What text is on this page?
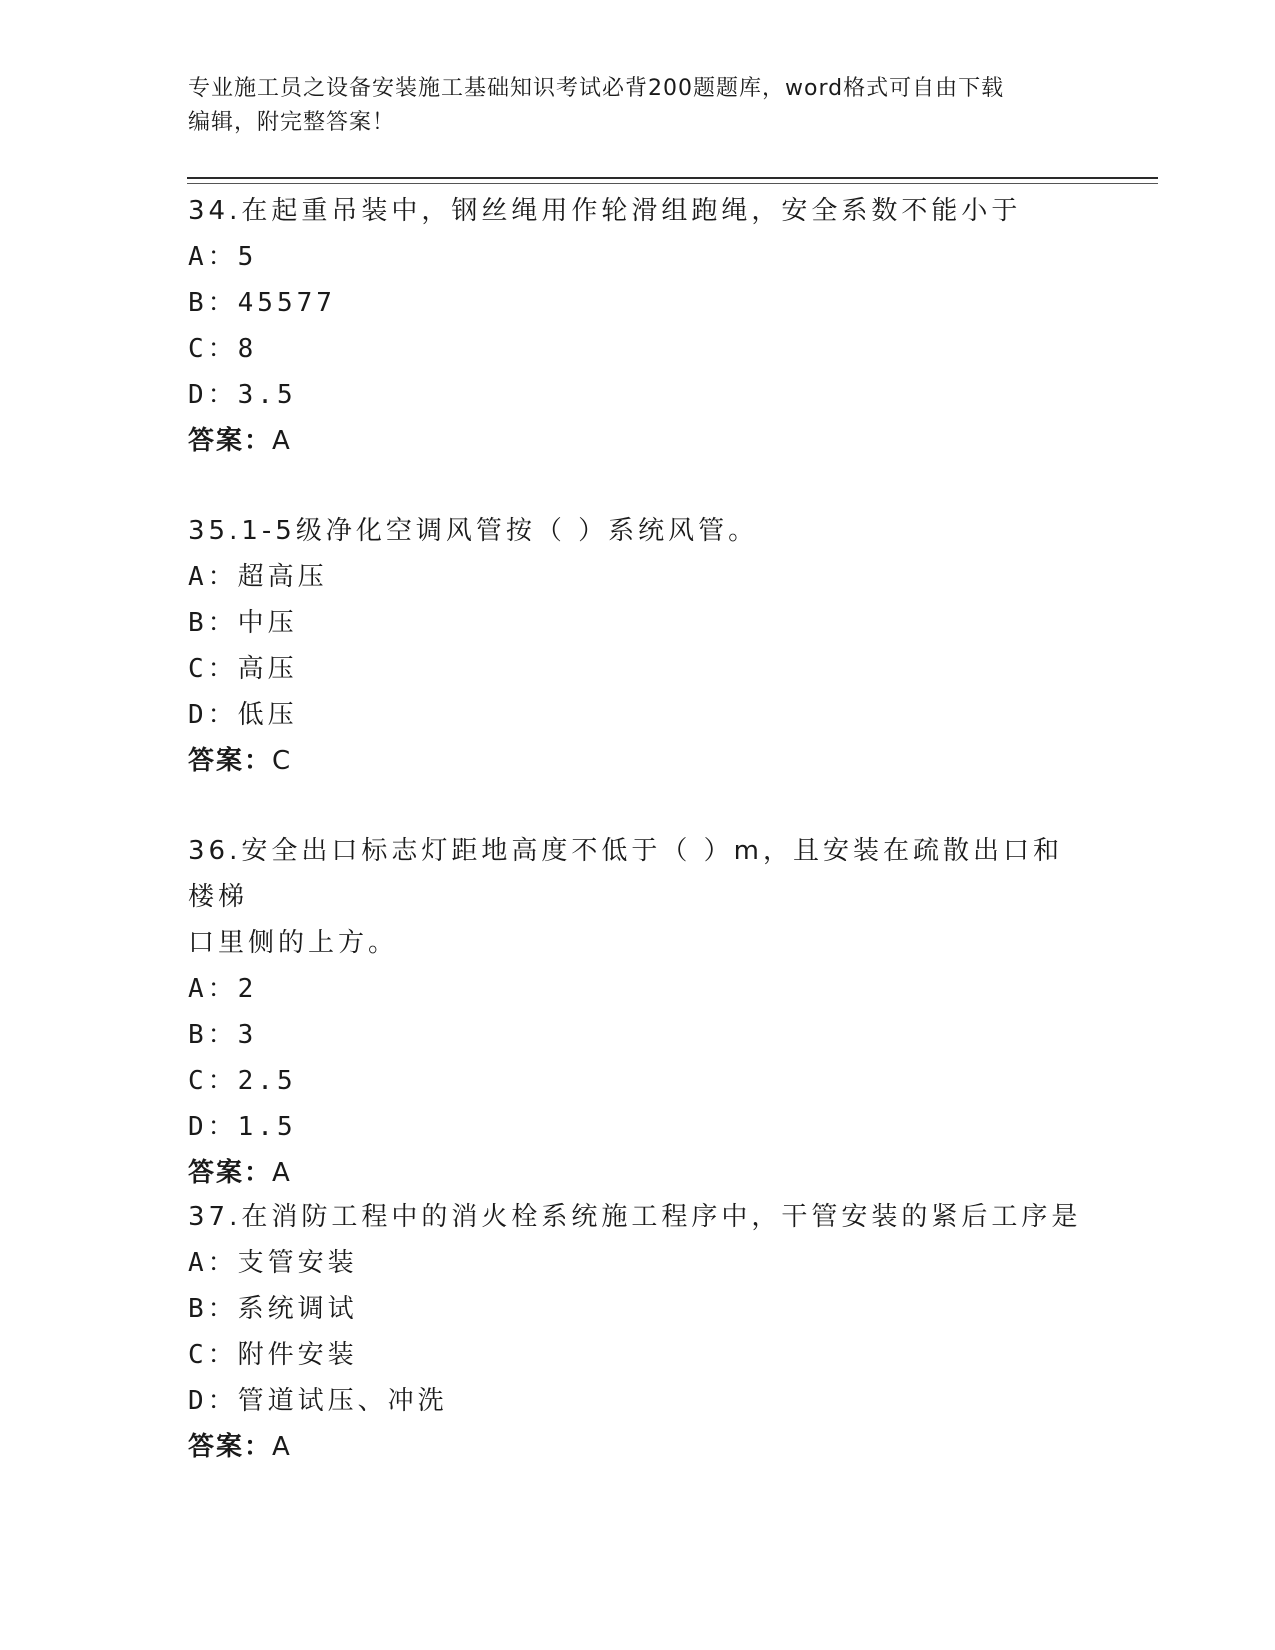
专业施工员之设备安装施工基础知识考试必背200题题库，word格式可自由下载
编辑，附完整答案！

34.在起重吊装中，钢丝绳用作轮滑组跑绳，安全系数不能小于

A：5

B：45577

C：8

D：3.5

答案：A

35.1-5级净化空调风管按（ ）系统风管。

A：超高压

B：中压

C：高压

D：低压

答案：C

36.安全出口标志灯距地高度不低于（ ）m，且安装在疏散出口和楼梯

口里侧的上方。

A：2

B：3

C：2.5

D：1.5

答案：A

37.在消防工程中的消火栓系统施工程序中，干管安装的紧后工序是

A：支管安装

B：系统调试

C：附件安装

D：管道试压、冲洗

答案：A
